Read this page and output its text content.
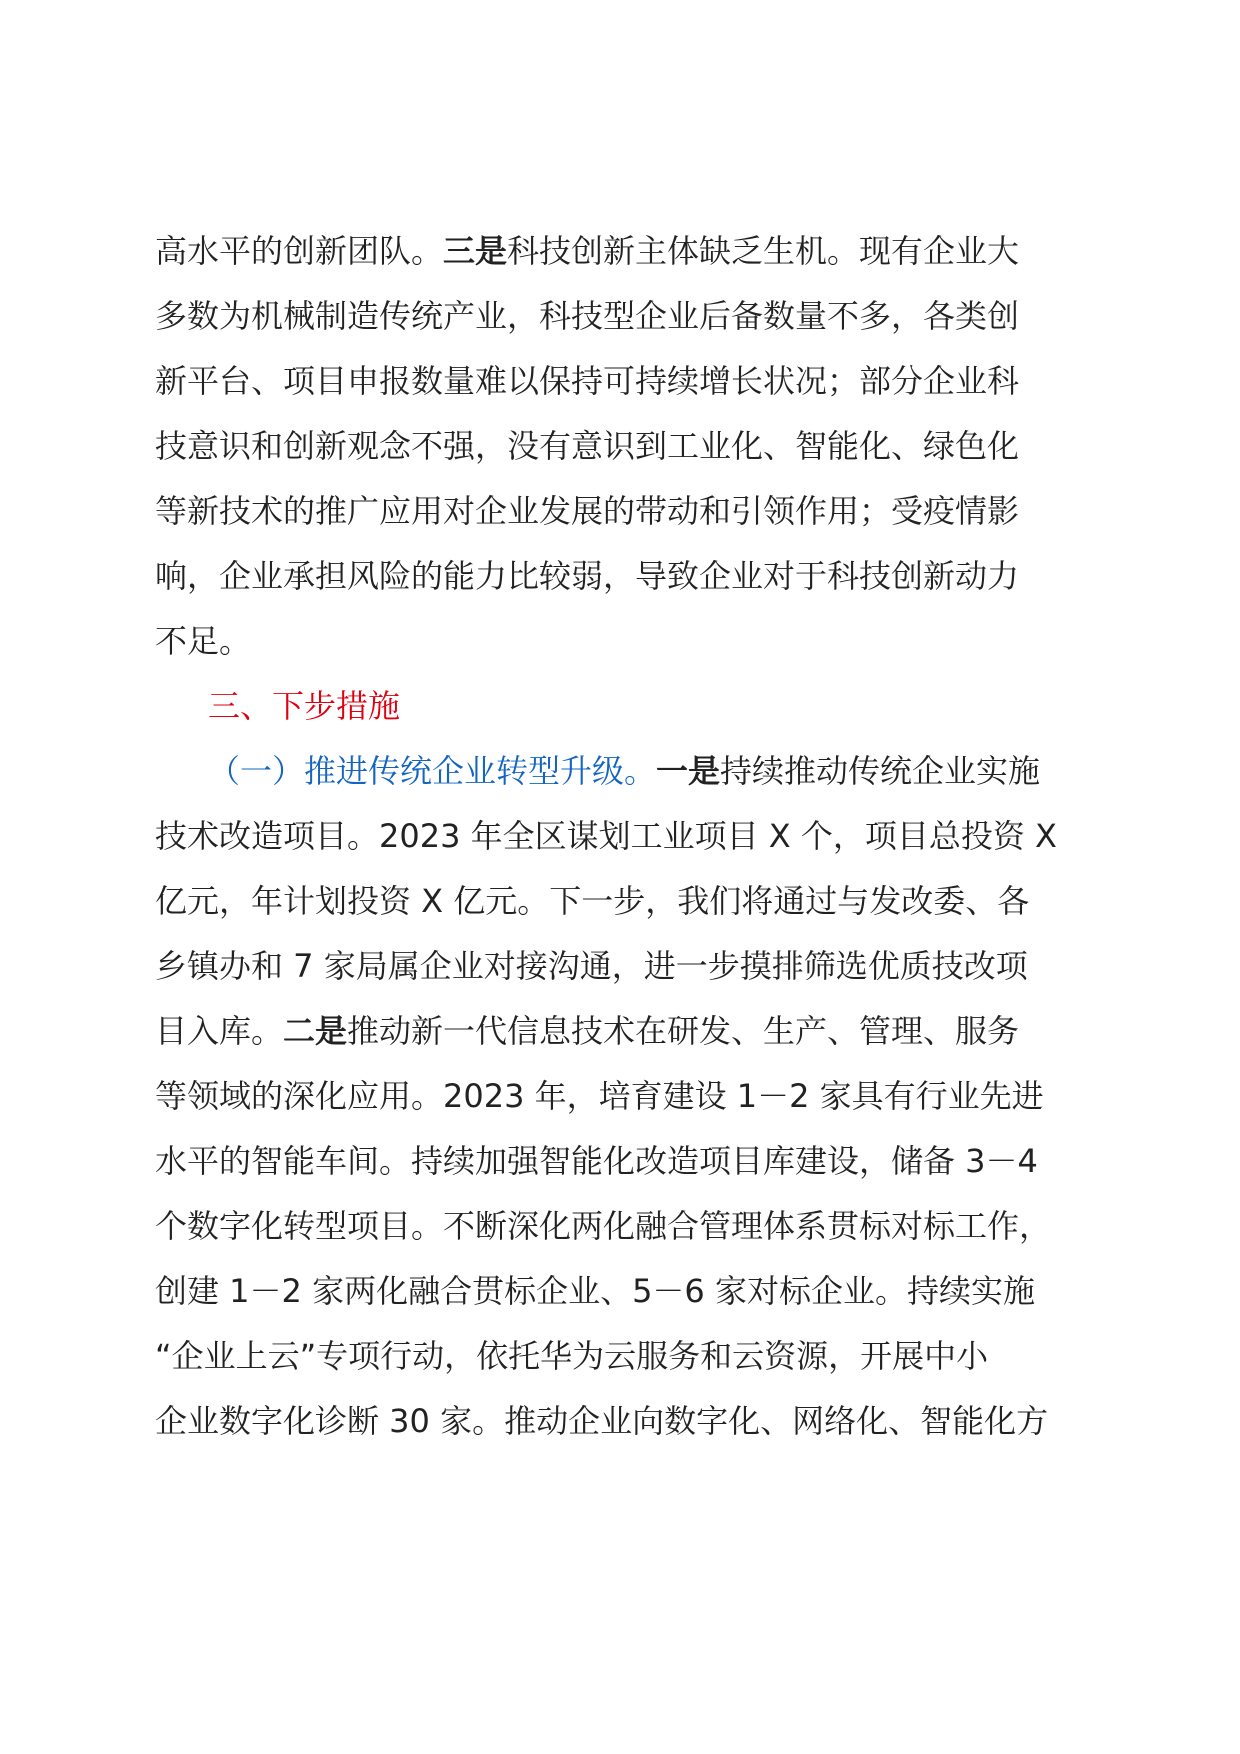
高水平的创新团队。三是科技创新主体缺乏生机。现有企业大
多数为机械制造传统产业，科技型企业后备数量不多，各类创
新平台、项目申报数量难以保持可持续增长状况；部分企业科
技意识和创新观念不强，没有意识到工业化、智能化、绿色化
等新技术的推广应用对企业发展的带动和引领作用；受疫情影
响，企业承担风险的能力比较弱，导致企业对于科技创新动力
不足。
三、下步措施
（一）推进传统企业转型升级。一是持续推动传统企业实施
技术改造项目。2023 年全区谋划工业项目 X 个，项目总投资 X
亿元，年计划投资 X 亿元。下一步，我们将通过与发改委、各
乡镇办和 7 家局属企业对接沟通，进一步摸排筛选优质技改项
目入库。二是推动新一代信息技术在研发、生产、管理、服务
等领域的深化应用。2023 年，培育建设 1－2 家具有行业先进
水平的智能车间。持续加强智能化改造项目库建设，储备 3－4
个数字化转型项目。不断深化两化融合管理体系贯标对标工作，
创建 1－2 家两化融合贯标企业、5－6 家对标企业。持续实施
“企业上云”专项行动，依托华为云服务和云资源，开展中小
企业数字化诊断 30 家。推动企业向数字化、网络化、智能化方
